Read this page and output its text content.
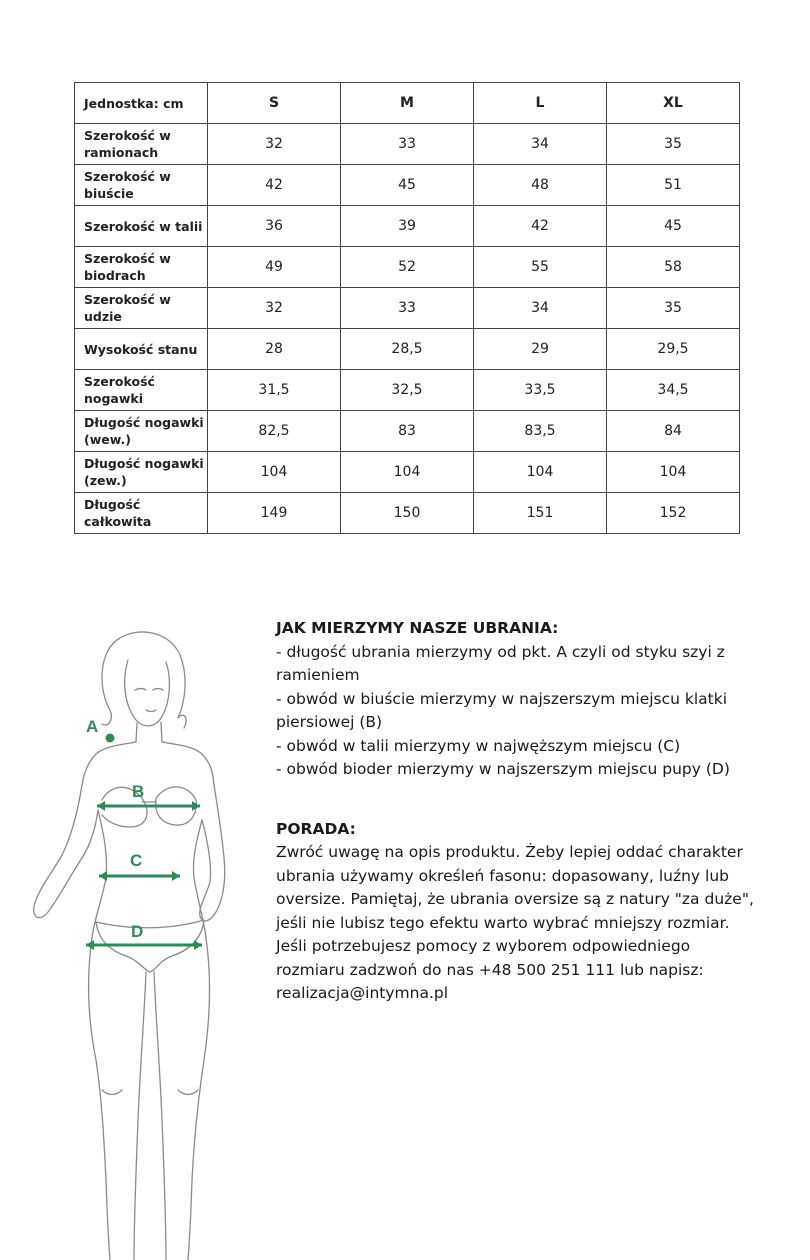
Jednostka: cm	S	M	L	XL
Szerokość w
ramionach	32	33	34	35
Szerokość w
biuście	42	45	48	51
Szerokość w talii	36	39	42	45
Szerokość w
biodrach	49	52	55	58
Szerokość w udzie	32	33	34	35
Wysokość stanu	28	28,5	29	29,5
Szerokość nogawki	31,5	32,5	33,5	34,5
Długość nogawki
(wew.)	82,5	83	83,5	84
Długość nogawki
(zew.)	104	104	104	104
Długość całkowita	149	150	151	152
A
B
C
D

JAK MIERZYMY NASZE UBRANIA:

- długość ubrania mierzymy od pkt. A czyli od styku szyi z

ramieniem

- obwód w biuście mierzymy w najszerszym miejscu klatki

piersiowej (B)

- obwód w talii mierzymy w najwęższym miejscu (C)

- obwód bioder mierzymy w najszerszym miejscu pupy (D)

PORADA:

Zwróć uwagę na opis produktu. Żeby lepiej oddać charakter

ubrania używamy określeń fasonu: dopasowany, luźny lub

oversize. Pamiętaj, że ubrania oversize są z natury "za duże",

jeśli nie lubisz tego efektu warto wybrać mniejszy rozmiar.

Jeśli potrzebujesz pomocy z wyborem odpowiedniego

rozmiaru zadzwoń do nas +48 500 251 111 lub napisz:

realizacja@intymna.pl
